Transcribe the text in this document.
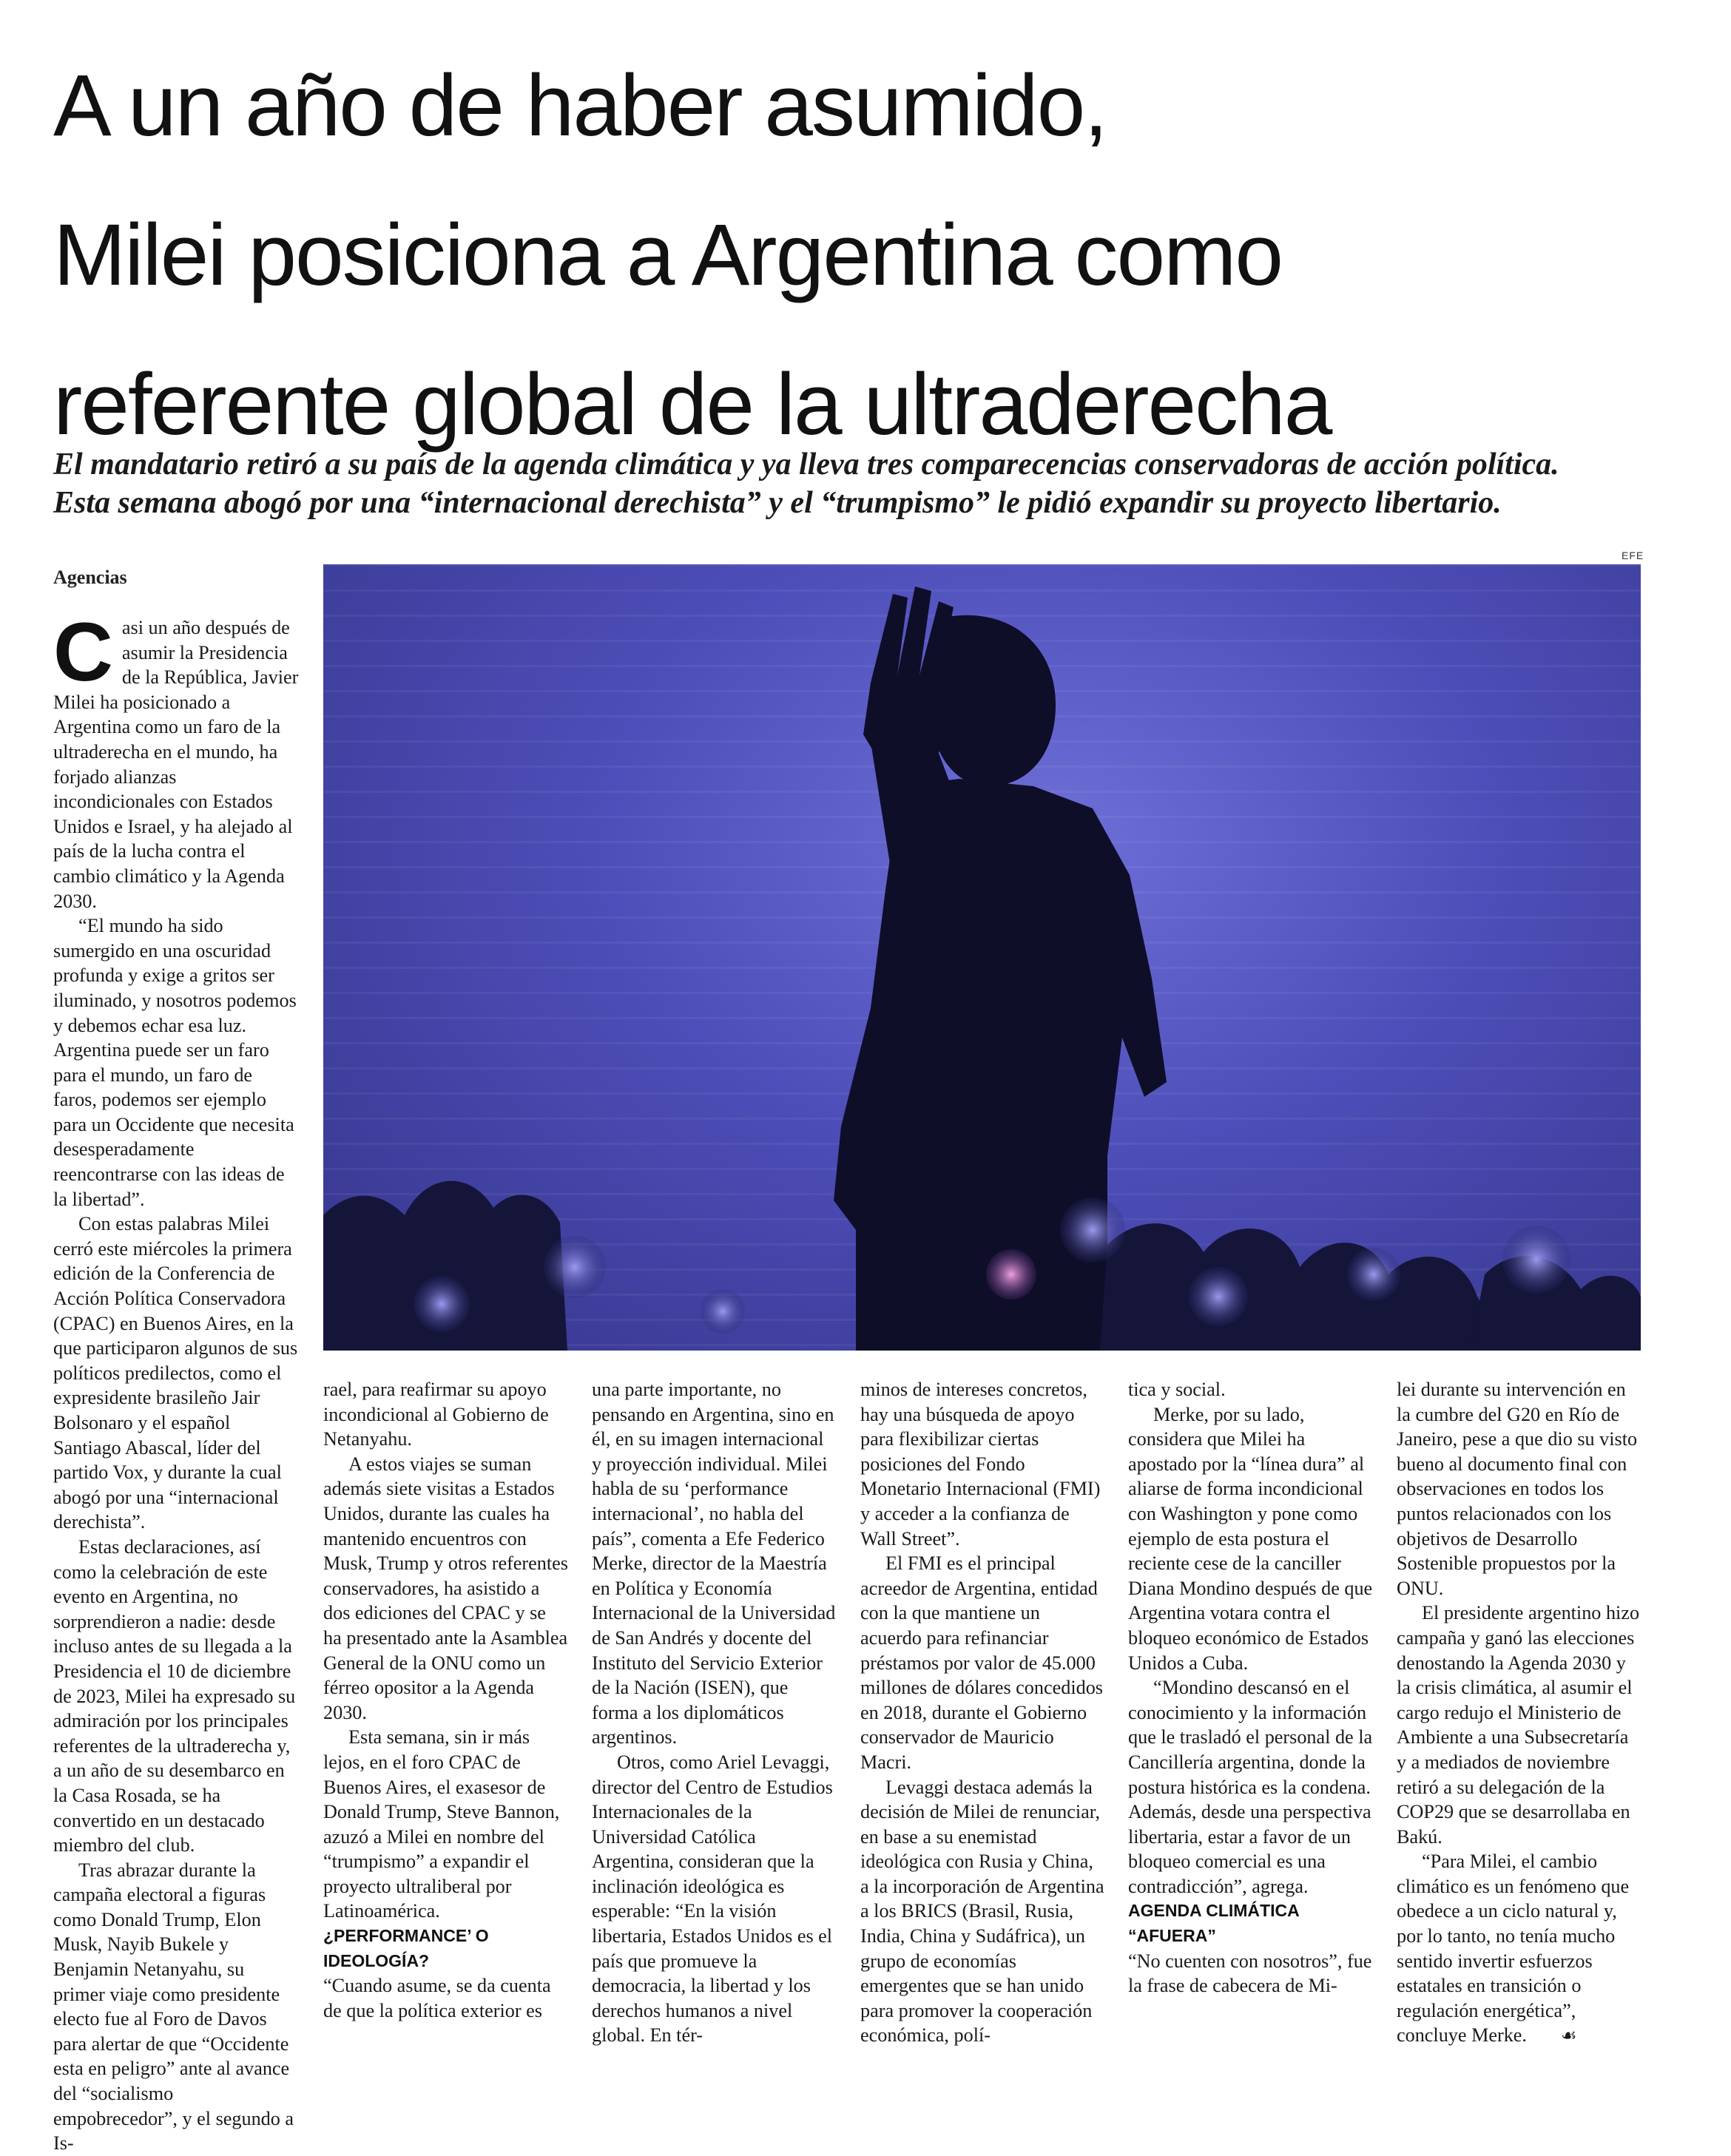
A un año de haber asumido,
Milei posiciona a Argentina como
referente global de la ultraderecha
El mandatario retiró a su país de la agenda climática y ya lleva tres comparecencias conservadoras de acción política.
Esta semana abogó por una “internacional derechista” y el “trumpismo” le pidió expandir su proyecto libertario.
Agencias
EFE

Casi un año después de asumir la Presidencia de la República, Javier Milei ha posicionado a Argentina como un faro de la ultraderecha en el mundo, ha forjado alianzas incondicionales con Estados Unidos e Israel, y ha alejado al país de la lucha contra el cambio climático y la Agenda 2030.

“El mundo ha sido sumergido en una oscuridad profunda y exige a gritos ser iluminado, y nosotros podemos y debemos echar esa luz. Argentina puede ser un faro para el mundo, un faro de faros, podemos ser ejemplo para un Occidente que necesita desesperadamente reencontrarse con las ideas de la libertad”.

Con estas palabras Milei cerró este miércoles la primera edición de la Conferencia de Acción Política Conservadora (CPAC) en Buenos Aires, en la que participaron algunos de sus políticos predilectos, como el expresidente brasileño Jair Bolsonaro y el español Santiago Abascal, líder del partido Vox, y durante la cual abogó por una “internacional derechista”.

Estas declaraciones, así como la celebración de este evento en Argentina, no sorprendieron a nadie: desde incluso antes de su llegada a la Presidencia el 10 de diciembre de 2023, Milei ha expresado su admiración por los principales referentes de la ultraderecha y, a un año de su desembarco en la Casa Rosada, se ha convertido en un destacado miembro del club.

Tras abrazar durante la campaña electoral a figuras como Donald Trump, Elon Musk, Nayib Bukele y Benjamin Netanyahu, su primer viaje como presidente electo fue al Foro de Davos para alertar de que “Occidente esta en peligro” ante al avance del “socialismo empobrecedor”, y el segundo a Is-

rael, para reafirmar su apoyo incondicional al Gobierno de Netanyahu.

A estos viajes se suman además siete visitas a Estados Unidos, durante las cuales ha mantenido encuentros con Musk, Trump y otros referentes conservadores, ha asistido a dos ediciones del CPAC y se ha presentado ante la Asamblea General de la ONU como un férreo opositor a la Agenda 2030.

Esta semana, sin ir más lejos, en el foro CPAC de Buenos Aires, el exasesor de Donald Trump, Steve Bannon, azuzó a Milei en nombre del “trumpismo” a expandir el proyecto ultraliberal por Latinoamérica.

¿PERFORMANCE’ O IDEOLOGÍA?

“Cuando asume, se da cuenta de que la política exterior es

una parte importante, no pensando en Argentina, sino en él, en su imagen internacional y proyección individual. Milei habla de su ‘performance internacional’, no habla del país”, comenta a Efe Federico Merke, director de la Maestría en Política y Economía Internacional de la Universidad de San Andrés y docente del Instituto del Servicio Exterior de la Nación (ISEN), que forma a los diplomáticos argentinos.

Otros, como Ariel Levaggi, director del Centro de Estudios Internacionales de la Universidad Católica Argentina, consideran que la inclinación ideológica es esperable: “En la visión libertaria, Estados Unidos es el país que promueve la democracia, la libertad y los derechos humanos a nivel global. En tér-

minos de intereses concretos, hay una búsqueda de apoyo para flexibilizar ciertas posiciones del Fondo Monetario Internacional (FMI) y acceder a la confianza de Wall Street”.

El FMI es el principal acreedor de Argentina, entidad con la que mantiene un acuerdo para refinanciar préstamos por valor de 45.000 millones de dólares concedidos en 2018, durante el Gobierno conservador de Mauricio Macri.

Levaggi destaca además la decisión de Milei de renunciar, en base a su enemistad ideológica con Rusia y China, a la incorporación de Argentina a los BRICS (Brasil, Rusia, India, China y Sudáfrica), un grupo de economías emergentes que se han unido para promover la cooperación económica, polí-

tica y social.

Merke, por su lado, considera que Milei ha apostado por la “línea dura” al aliarse de forma incondicional con Washington y pone como ejemplo de esta postura el reciente cese de la canciller Diana Mondino después de que Argentina votara contra el bloqueo económico de Estados Unidos a Cuba.

“Mondino descansó en el conocimiento y la información que le trasladó el personal de la Cancillería argentina, donde la postura histórica es la condena. Además, desde una perspectiva libertaria, estar a favor de un bloqueo comercial es una contradicción”, agrega.

AGENDA CLIMÁTICA “AFUERA”

“No cuenten con nosotros”, fue la frase de cabecera de Mi-

lei durante su intervención en la cumbre del G20 en Río de Janeiro, pese a que dio su visto bueno al documento final con observaciones en todos los puntos relacionados con los objetivos de Desarrollo Sostenible propuestos por la ONU.

El presidente argentino hizo campaña y ganó las elecciones denostando la Agenda 2030 y la crisis climática, al asumir el cargo redujo el Ministerio de Ambiente a una Subsecretaría y a mediados de noviembre retiró a su delegación de la COP29 que se desarrollaba en Bakú.

“Para Milei, el cambio climático es un fenómeno que obedece a un ciclo natural y, por lo tanto, no tenía mucho sentido invertir esfuerzos estatales en transición o regulación energética”, concluye Merke. ☙
